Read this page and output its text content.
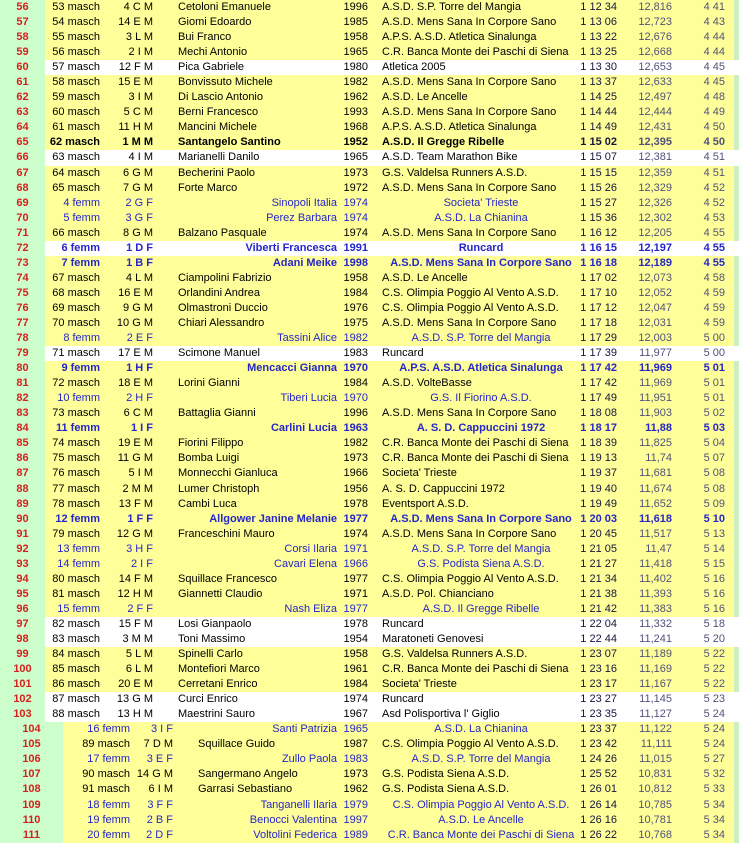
56	53 masch	4 C M	Cetoloni Emanuele	1996	A.S.D. S.P. Torre del Mangia	1 12 34	12,816	4 41
57	54 masch	14 E M	Giomi Edoardo	1985	A.S.D. Mens Sana In Corpore Sano	1 13 06	12,723	4 43
58	55 masch	3 L M	Bui Franco	1958	A.P.S. A.S.D. Atletica Sinalunga	1 13 22	12,676	4 44
59	56 masch	2 I M	Mechi Antonio	1965	C.R. Banca Monte dei Paschi di Siena	1 13 25	12,668	4 44
60	57 masch	12 F M	Pica Gabriele	1980	Atletica 2005	1 13 30	12,653	4 45
61	58 masch	15 E M	Bonvissuto Michele	1982	A.S.D. Mens Sana In Corpore Sano	1 13 37	12,633	4 45
62	59 masch	3 I M	Di Lascio Antonio	1962	A.S.D. Le Ancelle	1 14 25	12,497	4 48
63	60 masch	5 C M	Berni Francesco	1993	A.S.D. Mens Sana In Corpore Sano	1 14 44	12,444	4 49
64	61 masch	11 H M	Mancini Michele	1968	A.P.S. A.S.D. Atletica Sinalunga	1 14 49	12,431	4 50
65	62 masch	1 M M	Santangelo Santino	1952	A.S.D. Il Gregge Ribelle	1 15 02	12,395	4 50
66	63 masch	4 I M	Marianelli Danilo	1965	A.S.D. Team Marathon Bike	1 15 07	12,381	4 51
67	64 masch	6 G M	Becherini Paolo	1973	G.S. Valdelsa Runners A.S.D.	1 15 15	12,359	4 51
68	65 masch	7 G M	Forte Marco	1972	A.S.D. Mens Sana In Corpore Sano	1 15 26	12,329	4 52
69	4 femm	2 G F	Sinopoli Italia 1974	Societa' Trieste	1 15 27	12,326	4 52
70	5 femm	3 G F	Perez Barbara 1974	A.S.D. La Chianina	1 15 36	12,302	4 53
71	66 masch	8 G M	Balzano Pasquale	1974	A.S.D. Mens Sana In Corpore Sano	1 16 12	12,205	4 55
72	6 femm	1 D F	Viberti Francesca 1991	Runcard	1 16 15	12,197	4 55
73	7 femm	1 B F	Adani Meike 1998	A.S.D. Mens Sana In Corpore Sano 1 16 18	12,189	4 55
74	67 masch	4 L M	Ciampolini Fabrizio	1958	A.S.D. Le Ancelle	1 17 02	12,073	4 58
75	68 masch	16 E M	Orlandini Andrea	1984	C.S. Olimpia Poggio Al Vento A.S.D.	1 17 10	12,052	4 59
76	69 masch	9 G M	Olmastroni Duccio	1976	C.S. Olimpia Poggio Al Vento A.S.D.	1 17 12	12,047	4 59
77	70 masch	10 G M	Chiari Alessandro	1975	A.S.D. Mens Sana In Corpore Sano	1 17 18	12,031	4 59
78	8 femm	2 E F	Tassini Alice 1982	A.S.D. S.P. Torre del Mangia	1 17 29	12,003	5 00
79	71 masch	17 E M	Scimone Manuel	1983	Runcard	1 17 39	11,977	5 00
80	9 femm	1 H F	Mencacci Gianna 1970	A.P.S. A.S.D. Atletica Sinalunga	1 17 42	11,969	5 01
81	72 masch	18 E M	Lorini Gianni	1984	A.S.D. VolteBasse	1 17 42	11,969	5 01
82	10 femm	2 H F	Tiberi Lucia 1970	G.S. Il Fiorino A.S.D.	1 17 49	11,951	5 01
83	73 masch	6 C M	Battaglia Gianni	1996	A.S.D. Mens Sana In Corpore Sano	1 18 08	11,903	5 02
84	11 femm	1 I F	Carlini Lucia 1963	A. S. D. Cappuccini 1972	1 18 17	11,88	5 03
85	74 masch	19 E M	Fiorini Filippo	1982	C.R. Banca Monte dei Paschi di Siena	1 18 39	11,825	5 04
86	75 masch	11 G M	Bomba Luigi	1973	C.R. Banca Monte dei Paschi di Siena	1 19 13	11,74	5 07
87	76 masch	5 I M	Monnecchi Gianluca	1966	Societa' Trieste	1 19 37	11,681	5 08
88	77 masch	2 M M	Lumer Christoph	1956	A. S. D. Cappuccini 1972	1 19 40	11,674	5 08
89	78 masch	13 F M	Cambi Luca	1978	Eventsport A.S.D.	1 19 49	11,652	5 09
90	12 femm	1 F F	Allgower Janine Melanie 1977	A.S.D. Mens Sana In Corpore Sano 1 20 03	11,618	5 10
91	79 masch	12 G M	Franceschini Mauro	1974	A.S.D. Mens Sana In Corpore Sano	1 20 45	11,517	5 13
92	13 femm	3 H F	Corsi Ilaria 1971	A.S.D. S.P. Torre del Mangia	1 21 05	11,47	5 14
93	14 femm	2 I F	Cavari Elena 1966	G.S. Podista Siena A.S.D.	1 21 27	11,418	5 15
94	80 masch	14 F M	Squillace Francesco	1977	C.S. Olimpia Poggio Al Vento A.S.D.	1 21 34	11,402	5 16
95	81 masch	12 H M	Giannetti Claudio	1971	A.S.D. Pol. Chianciano	1 21 38	11,393	5 16
96	15 femm	2 F F	Nash Eliza 1977	A.S.D. Il Gregge Ribelle	1 21 42	11,383	5 16
97	82 masch	15 F M	Losi Gianpaolo	1978	Runcard	1 22 04	11,332	5 18
98	83 masch	3 M M	Toni Massimo	1954	Maratoneti Genovesi	1 22 44	11,241	5 20
99	84 masch	5 L M	Spinelli Carlo	1958	G.S. Valdelsa Runners A.S.D.	1 23 07	11,189	5 22
100	85 masch	6 L M	Montefiori Marco	1961	C.R. Banca Monte dei Paschi di Siena	1 23 16	11,169	5 22
101	86 masch	20 E M	Cerretani Enrico	1984	Societa' Trieste	1 23 17	11,167	5 22
102	87 masch	13 G M	Curci Enrico	1974	Runcard	1 23 27	11,145	5 23
103	88 masch	13 H M	Maestrini Sauro	1967	Asd Polisportiva l' Giglio	1 23 35	11,127	5 24
104	16 femm	3 I F	Santi Patrizia 1965	A.S.D. La Chianina	1 23 37	11,122	5 24
105	89 masch	7 D M	Squillace Guido	1987	C.S. Olimpia Poggio Al Vento A.S.D.	1 23 42	11,111	5 24
106	17 femm	3 E F	Zullo Paola 1983	A.S.D. S.P. Torre del Mangia	1 24 26	11,015	5 27
107	90 masch 14 G M	Sangermano Angelo	1973	G.S. Podista Siena A.S.D.	1 25 52	10,831	5 32
108	91 masch	6 I M	Garrasi Sebastiano	1962	G.S. Podista Siena A.S.D.	1 26 01	10,812	5 33
109	18 femm	3 F F	Tanganelli Ilaria 1979	C.S. Olimpia Poggio Al Vento A.S.D. 1 26 14	10,785	5 34
110	19 femm	2 B F	Benocci Valentina 1997	A.S.D. Le Ancelle	1 26 16	10,781	5 34
111	20 femm	2 D F	Voltolini Federica 1989	C.R. Banca Monte dei Paschi di Siena 1 26 22	10,768	5 34
